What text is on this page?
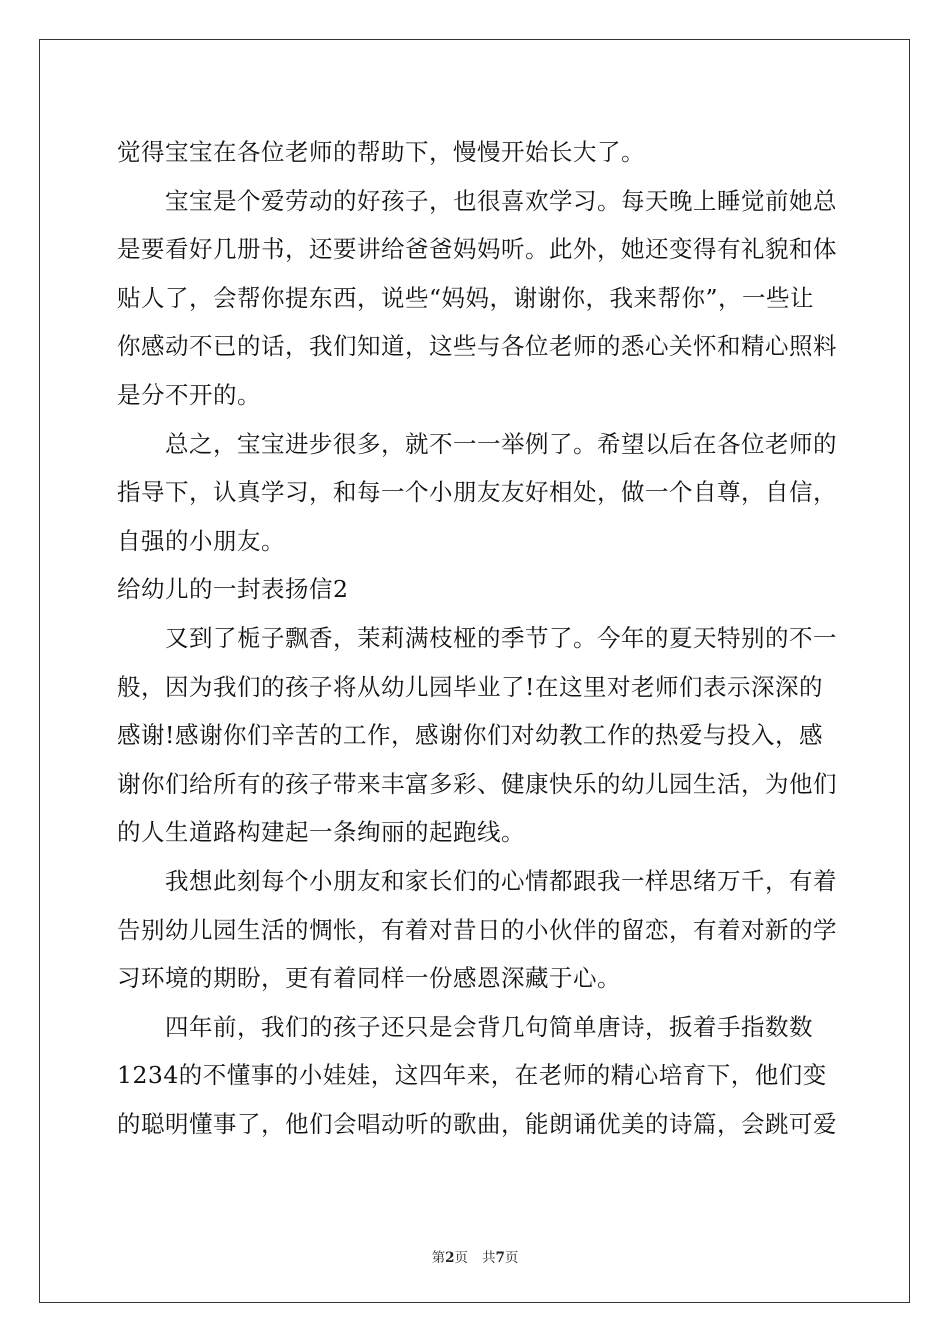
觉得宝宝在各位老师的帮助下，慢慢开始长大了。
宝宝是个爱劳动的好孩子，也很喜欢学习。每天晚上睡觉前她总
是要看好几册书，还要讲给爸爸妈妈听。此外，她还变得有礼貌和体
贴人了，会帮你提东西，说些“妈妈，谢谢你，我来帮你”，一些让
你感动不已的话，我们知道，这些与各位老师的悉心关怀和精心照料
是分不开的。
总之，宝宝进步很多，就不一一举例了。希望以后在各位老师的
指导下，认真学习，和每一个小朋友友好相处，做一个自尊，自信，
自强的小朋友。
给幼儿的一封表扬信2
又到了栀子飘香，茉莉满枝桠的季节了。今年的夏天特别的不一
般，因为我们的孩子将从幼儿园毕业了!在这里对老师们表示深深的
感谢!感谢你们辛苦的工作，感谢你们对幼教工作的热爱与投入，感
谢你们给所有的孩子带来丰富多彩、健康快乐的幼儿园生活，为他们
的人生道路构建起一条绚丽的起跑线。
我想此刻每个小朋友和家长们的心情都跟我一样思绪万千，有着
告别幼儿园生活的惆怅，有着对昔日的小伙伴的留恋，有着对新的学
习环境的期盼，更有着同样一份感恩深藏于心。
四年前，我们的孩子还只是会背几句简单唐诗，扳着手指数数
1234的不懂事的小娃娃，这四年来，在老师的精心培育下，他们变
的聪明懂事了，他们会唱动听的歌曲，能朗诵优美的诗篇，会跳可爱
第2页 共7页
